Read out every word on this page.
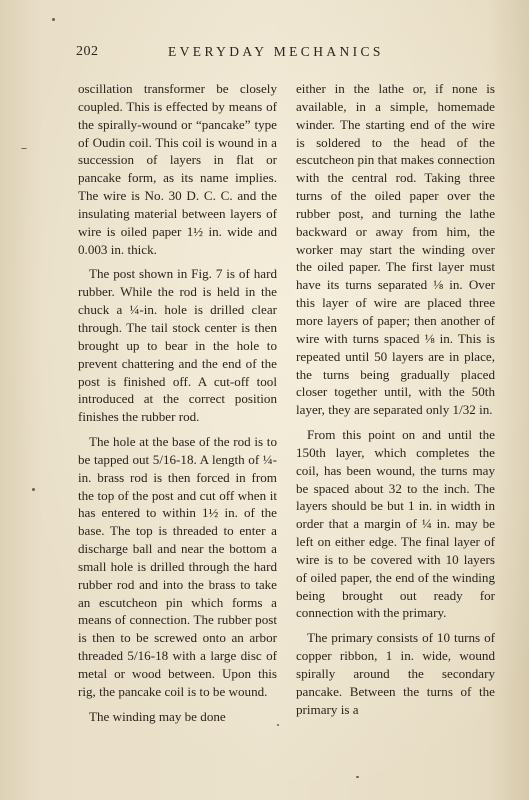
202	EVERYDAY MECHANICS

oscillation transformer be closely coupled. This is effected by means of the spirally-wound or “pancake” type of Oudin coil. This coil is wound in a succession of layers in flat or pancake form, as its name implies. The wire is No. 30 D. C. C. and the insulating material between layers of wire is oiled paper 1½ in. wide and 0.003 in. thick.

The post shown in Fig. 7 is of hard rubber. While the rod is held in the chuck a ¼-in. hole is drilled clear through. The tail stock center is then brought up to bear in the hole to prevent chattering and the end of the post is finished off. A cut-off tool introduced at the correct position finishes the rubber rod.

The hole at the base of the rod is to be tapped out 5/16-18. A length of ¼-in. brass rod is then forced in from the top of the post and cut off when it has entered to within 1½ in. of the base. The top is threaded to enter a discharge ball and near the bottom a small hole is drilled through the hard rubber rod and into the brass to take an escutcheon pin which forms a means of connection. The rubber post is then to be screwed onto an arbor threaded 5/16-18 with a large disc of metal or wood between. Upon this rig, the pancake coil is to be wound.

The winding may be done

either in the lathe or, if none is available, in a simple, homemade winder. The starting end of the wire is soldered to the head of the escutcheon pin that makes connection with the central rod. Taking three turns of the oiled paper over the rubber post, and turning the lathe backward or away from him, the worker may start the winding over the oiled paper. The first layer must have its turns separated ⅛ in. Over this layer of wire are placed three more layers of paper; then another of wire with turns spaced ⅛ in. This is repeated until 50 layers are in place, the turns being gradually placed closer together until, with the 50th layer, they are separated only 1/32 in.

From this point on and until the 150th layer, which completes the coil, has been wound, the turns may be spaced about 32 to the inch. The layers should be but 1 in. in width in order that a margin of ¼ in. may be left on either edge. The final layer of wire is to be covered with 10 layers of oiled paper, the end of the winding being brought out ready for connection with the primary.

The primary consists of 10 turns of copper ribbon, 1 in. wide, wound spirally around the secondary pancake. Between the turns of the primary is a
